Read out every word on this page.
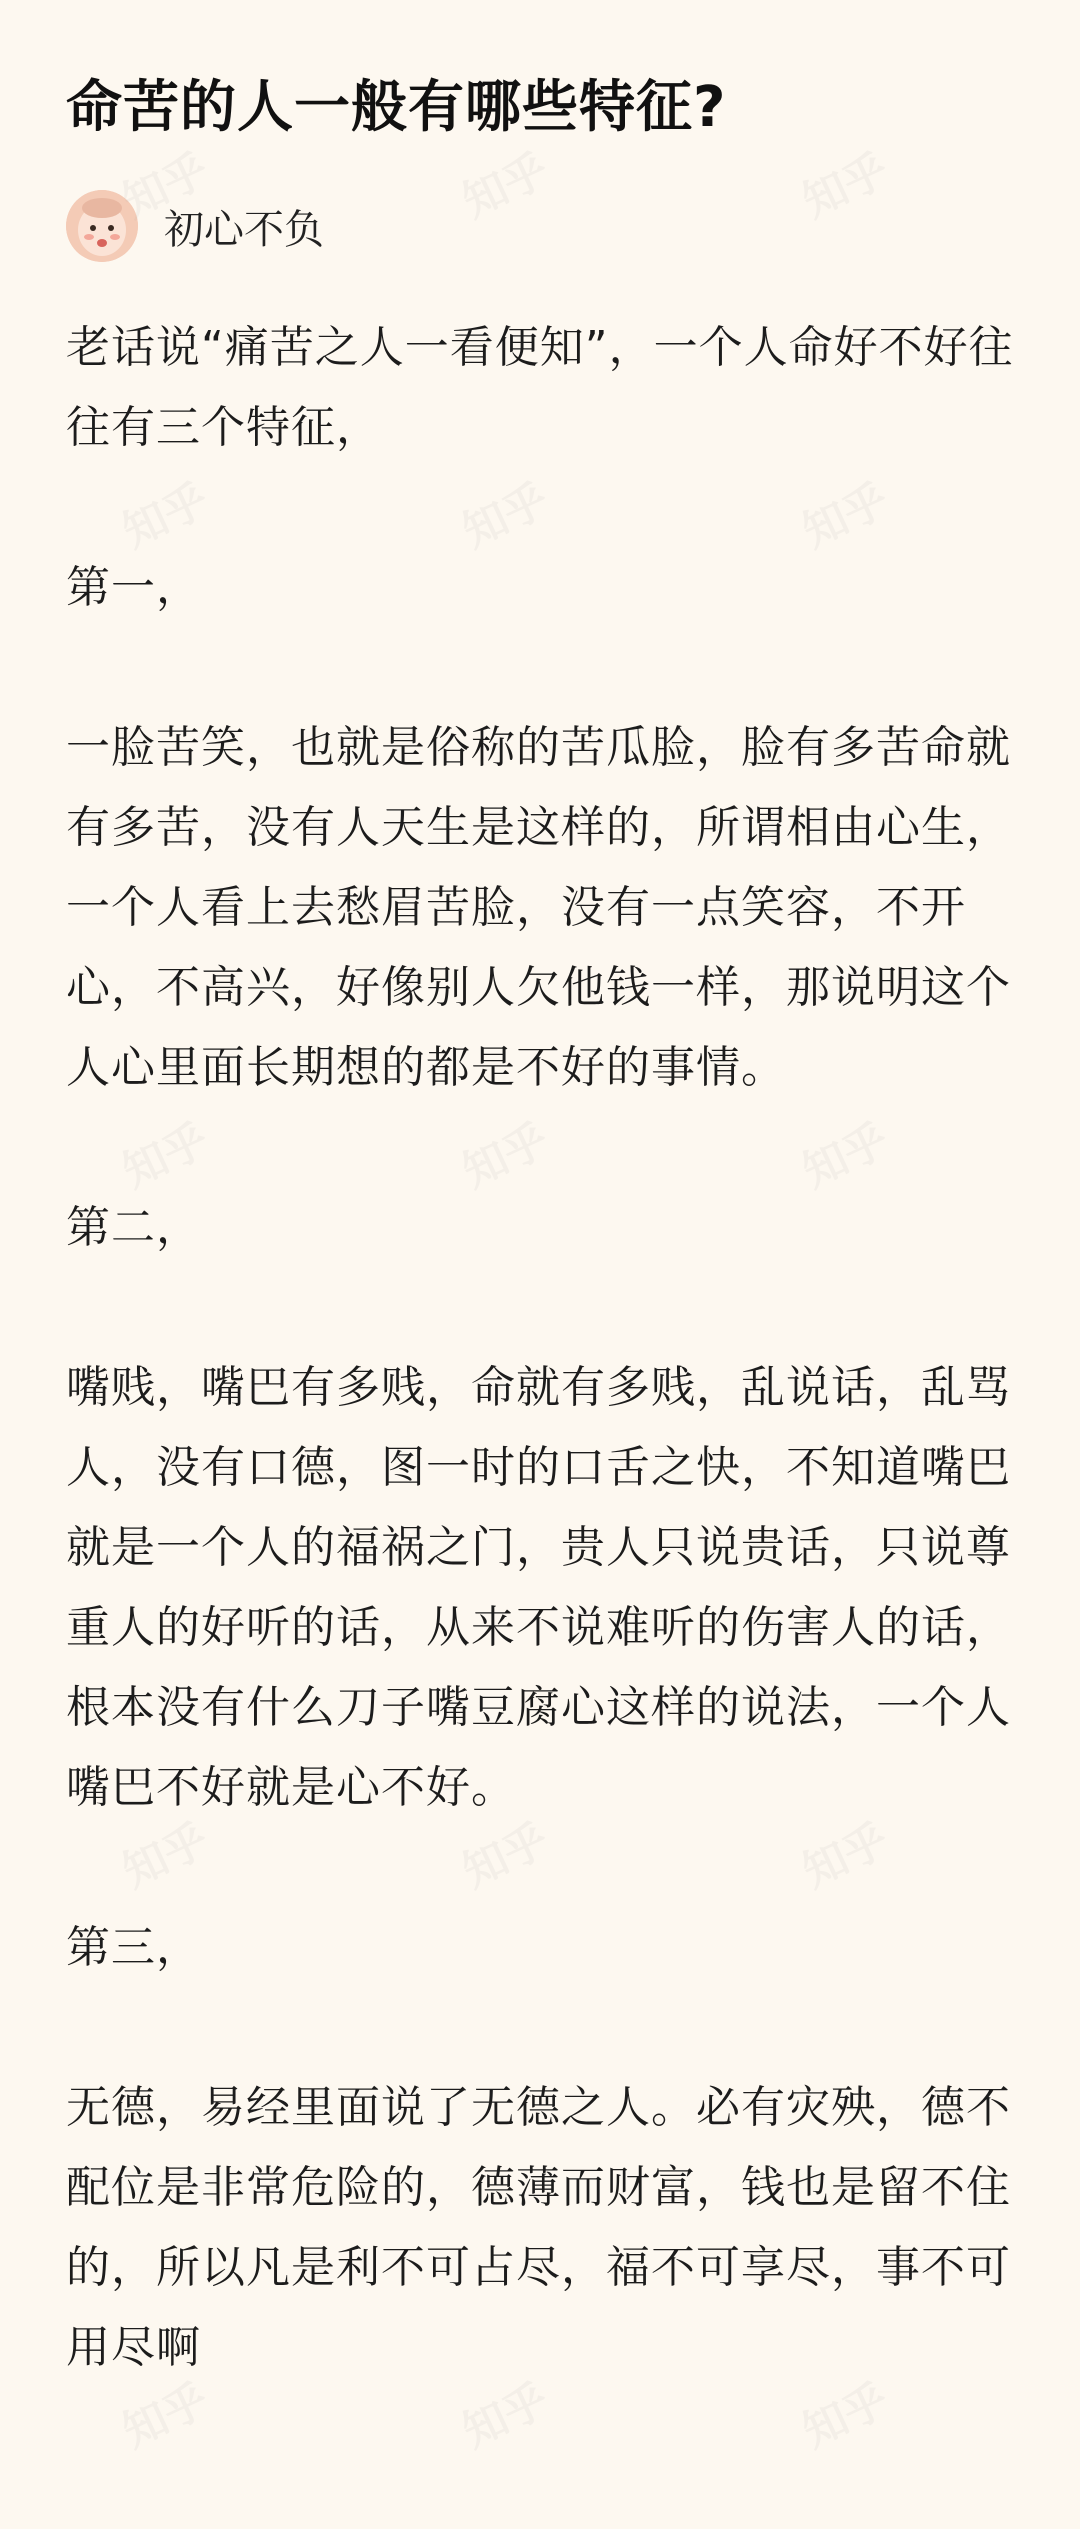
知乎	知乎	知乎
知乎	知乎	知乎
知乎	知乎	知乎
知乎	知乎	知乎
知乎	知乎	知乎
命苦的人一般有哪些特征?
初心不负

老话说“痛苦之人一看便知”，一个人命好不好往往有三个特征，

第一，

一脸苦笑，也就是俗称的苦瓜脸，脸有多苦命就有多苦，没有人天生是这样的，所谓相由心生，一个人看上去愁眉苦脸，没有一点笑容，不开心，不高兴，好像别人欠他钱一样，那说明这个人心里面长期想的都是不好的事情。

第二，

嘴贱，嘴巴有多贱，命就有多贱，乱说话，乱骂人，没有口德，图一时的口舌之快，不知道嘴巴就是一个人的福祸之门，贵人只说贵话，只说尊重人的好听的话，从来不说难听的伤害人的话，根本没有什么刀子嘴豆腐心这样的说法，一个人嘴巴不好就是心不好。

第三，

无德，易经里面说了无德之人。必有灾殃，德不配位是非常危险的，德薄而财富，钱也是留不住的，所以凡是利不可占尽，福不可享尽，事不可用尽啊
